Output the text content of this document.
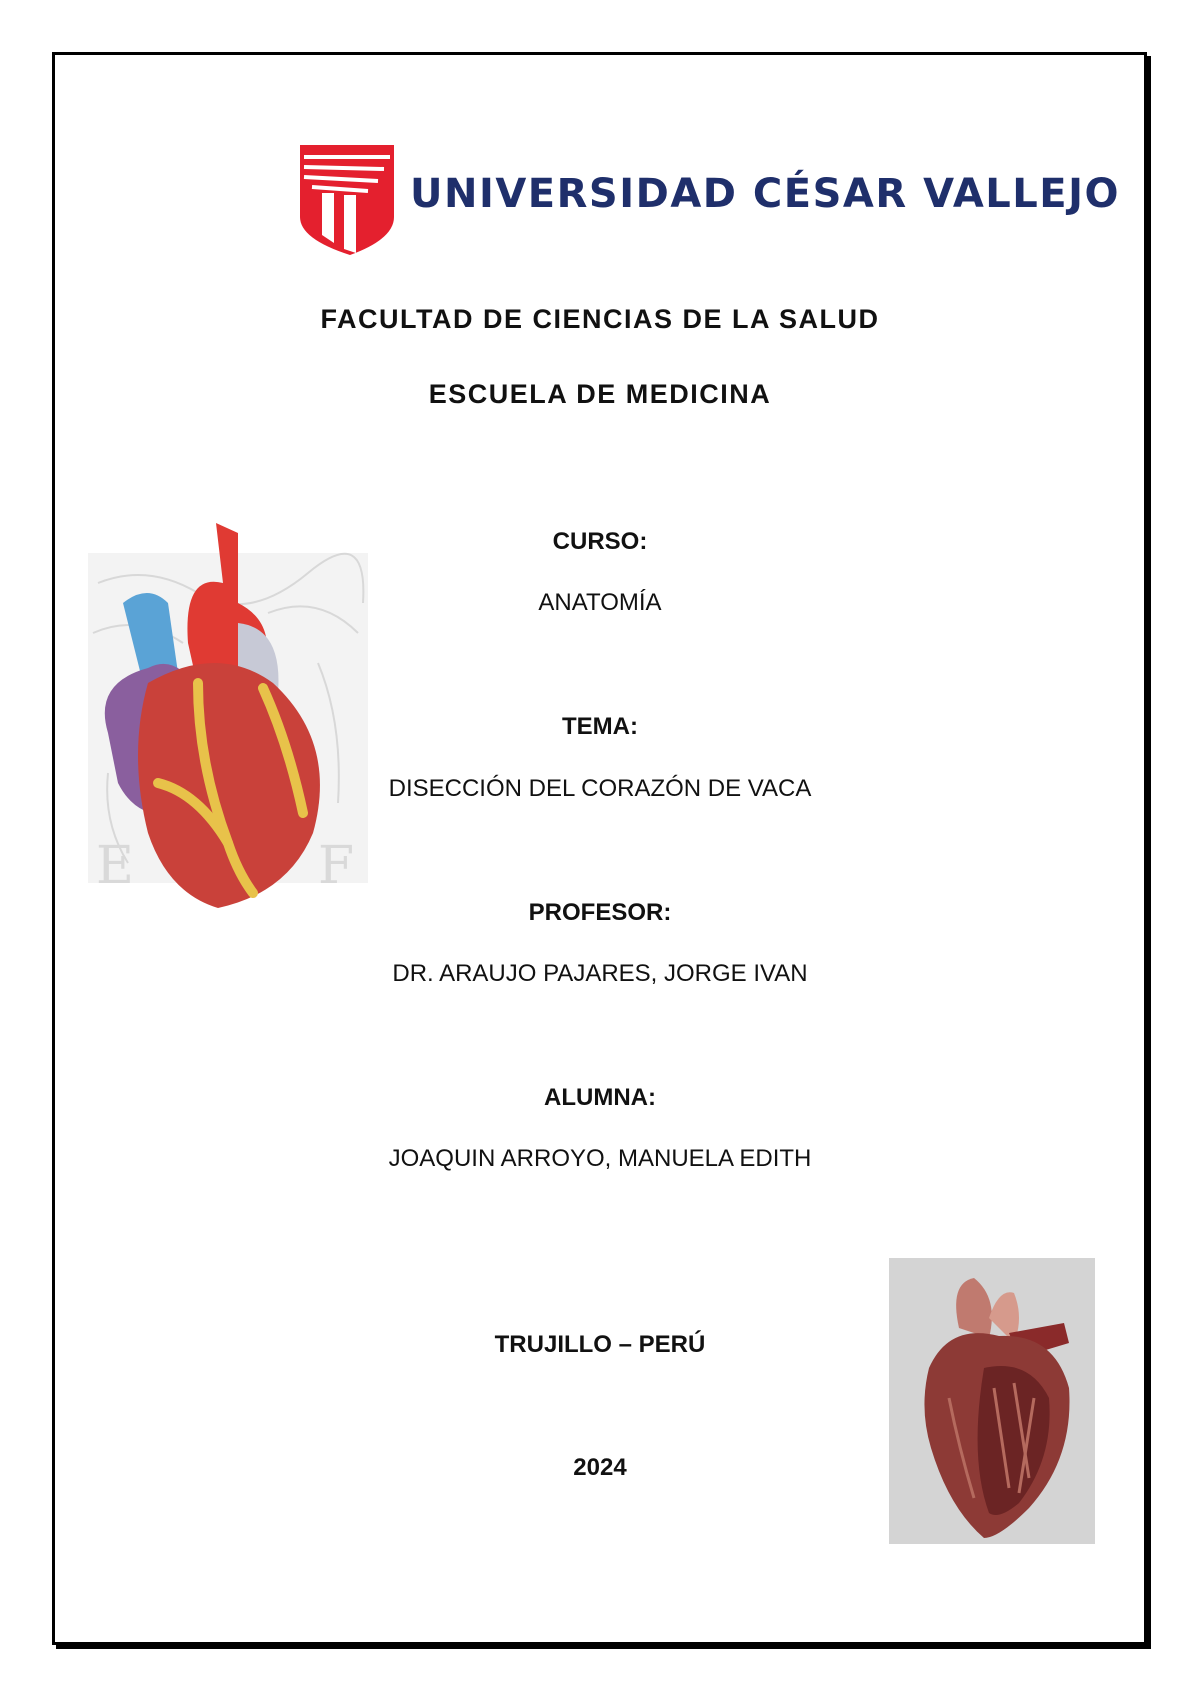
UNIVERSIDAD CÉSAR VALLEJO
FACULTAD DE CIENCIAS DE LA SALUD
ESCUELA DE MEDICINA
CURSO:
ANATOMÍA
TEMA:
DISECCIÓN DEL CORAZÓN DE VACA
PROFESOR:
DR. ARAUJO PAJARES, JORGE IVAN
ALUMNA:
JOAQUIN ARROYO, MANUELA EDITH
TRUJILLO – PERÚ
2024
E	F
